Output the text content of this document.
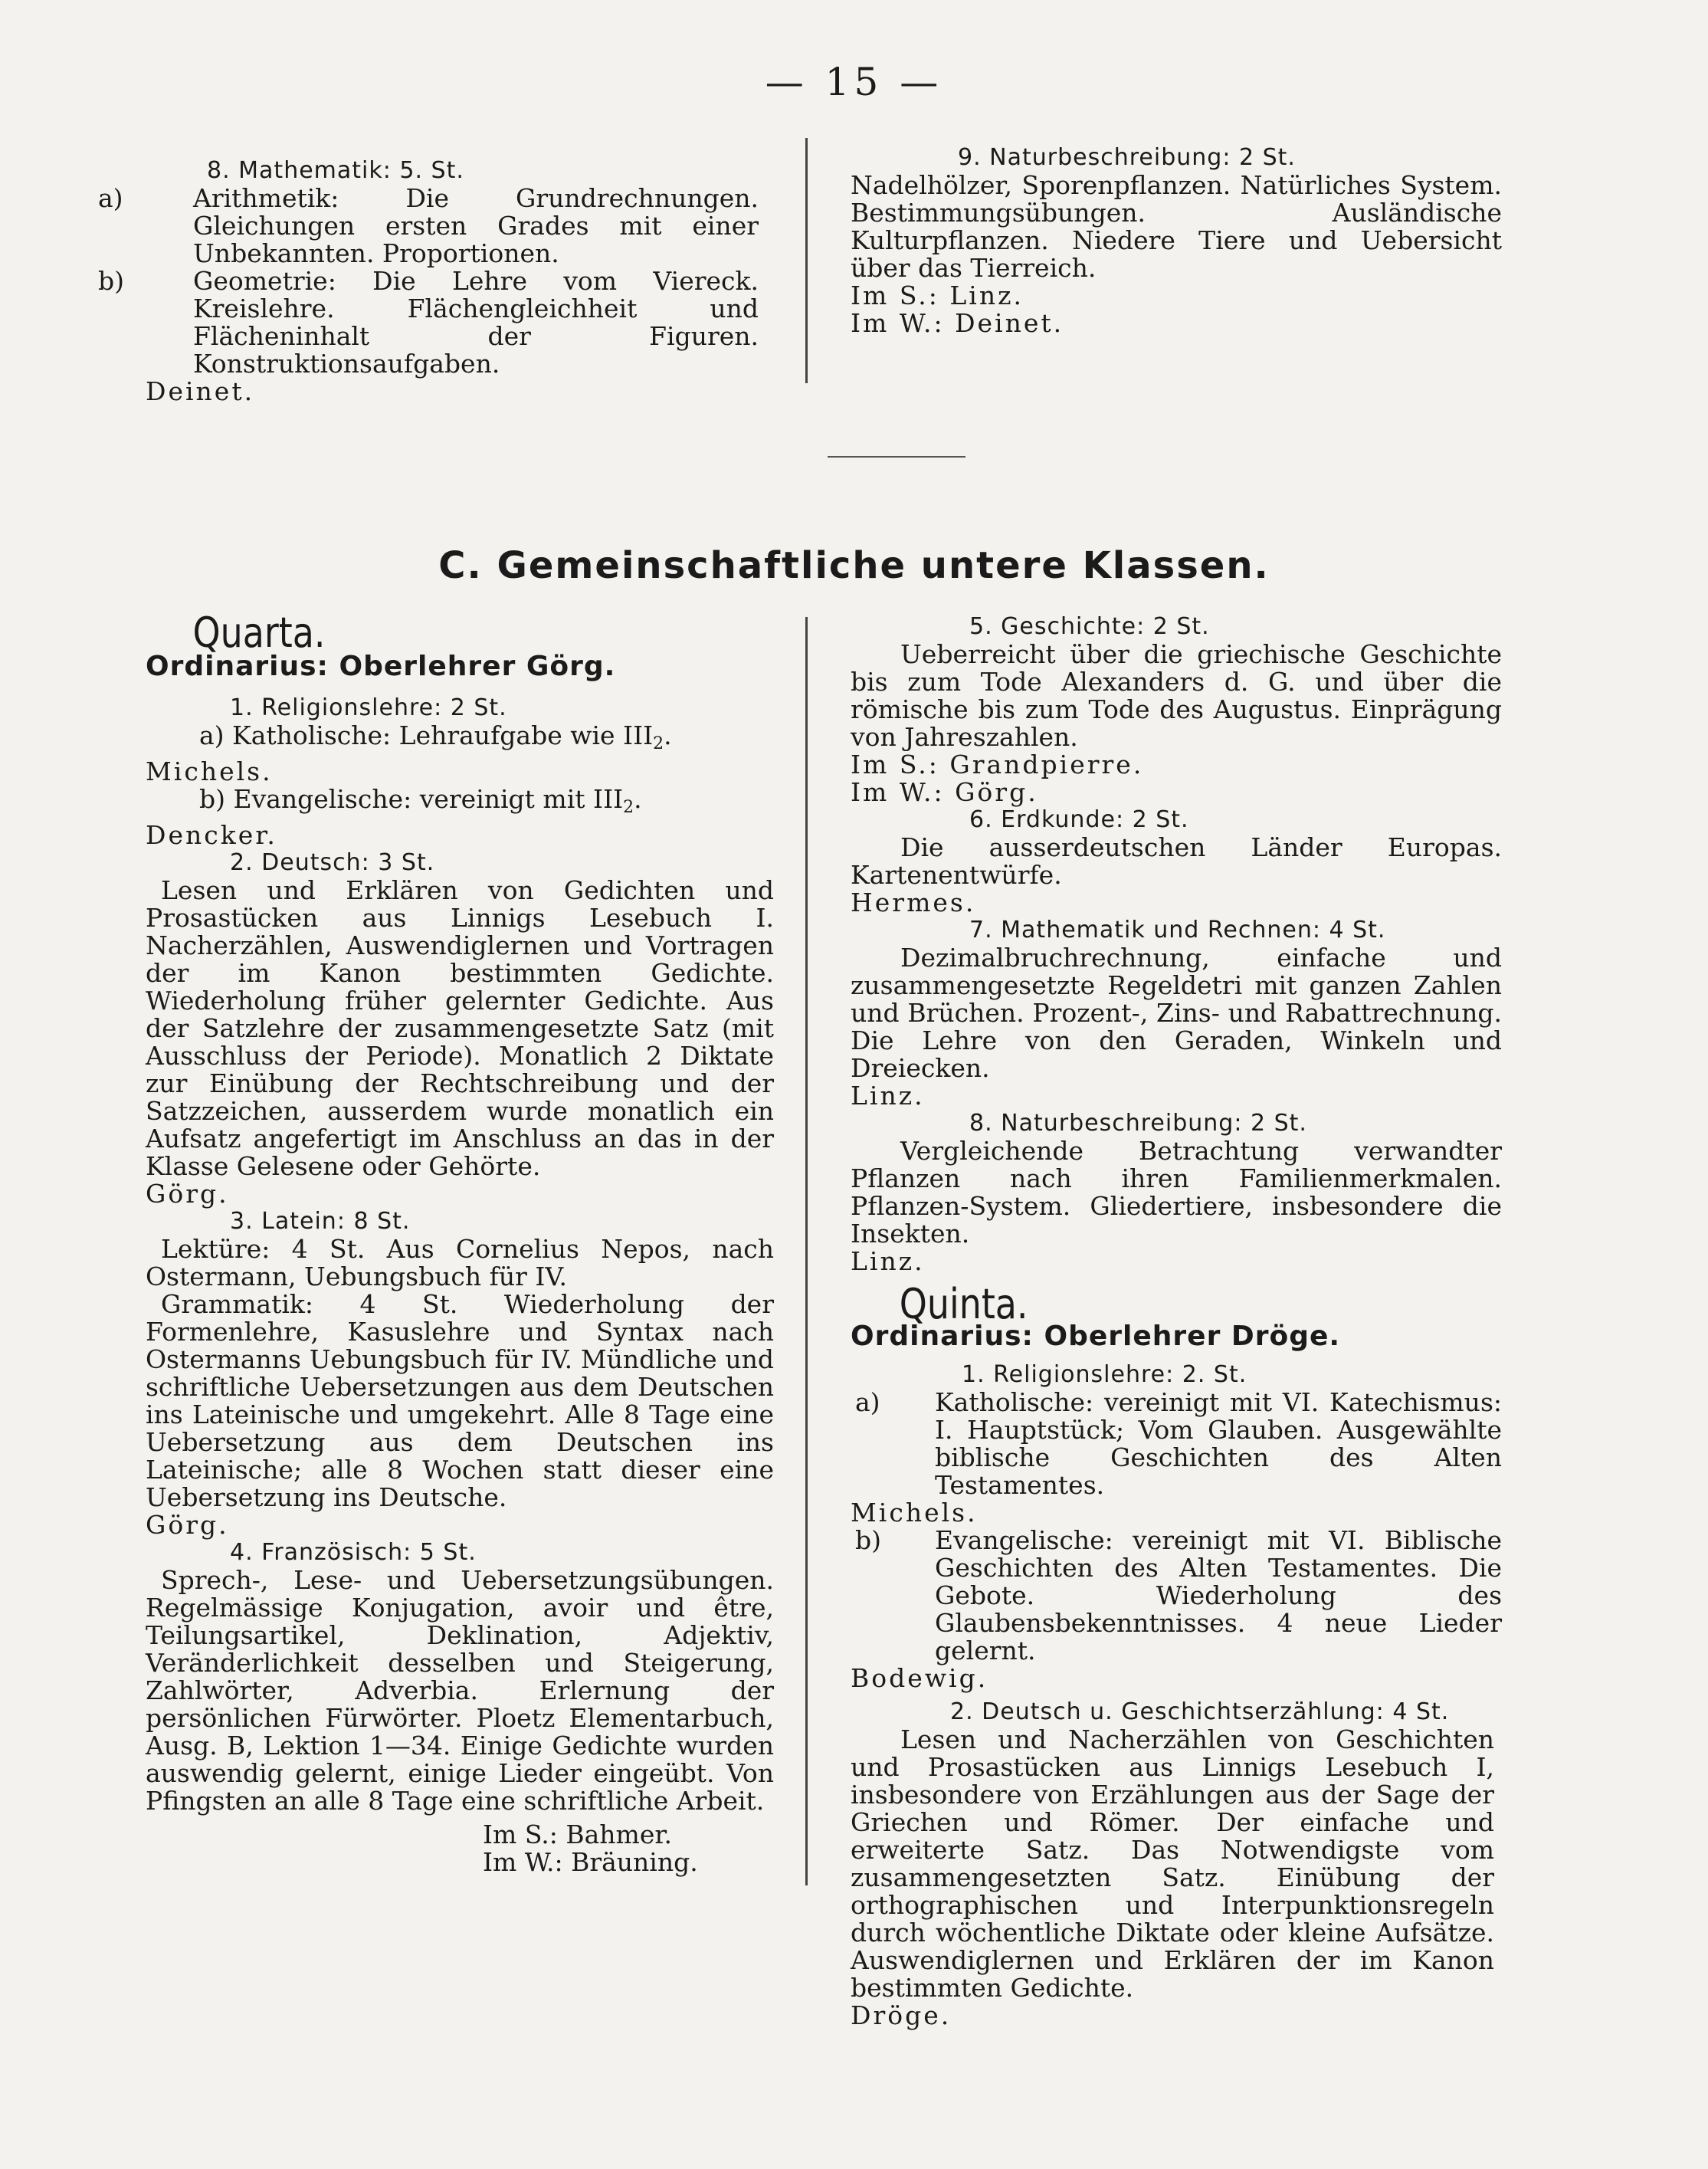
— 15 —

8. Mathematik: 5. St.

a)	Arithmetik: Die Grundrechnungen. Gleichungen ersten Grades mit einer Unbekannten. Proportionen.

b)	Geometrie: Die Lehre vom Viereck. Kreislehre. Flächengleichheit und Flächeninhalt der Figuren. Konstruktionsaufgaben.

Deinet.

9. Naturbeschreibung: 2 St.

Nadelhölzer, Sporenpflanzen. Natürliches System. Bestimmungsübungen. Ausländische Kulturpflanzen. Niedere Tiere und Uebersicht über das Tierreich.

Im S.: Linz.

Im W.: Deinet.

C. Gemeinschaftliche untere Klassen.

Quarta.

Ordinarius: Oberlehrer Görg.

1. Religionslehre: 2 St.

a) Katholische: Lehraufgabe wie $III_2$.

Michels.

b) Evangelische: vereinigt mit $III_2$.

Dencker.

2. Deutsch: 3 St.

Lesen und Erklären von Gedichten und Prosastücken aus Linnigs Lesebuch I. Nacherzählen, Auswendiglernen und Vortragen der im Kanon bestimmten Gedichte. Wiederholung früher gelernter Gedichte. Aus der Satzlehre der zusammengesetzte Satz (mit Ausschluss der Periode). Monatlich 2 Diktate zur Einübung der Rechtschreibung und der Satzzeichen, ausserdem wurde monatlich ein Aufsatz angefertigt im Anschluss an das in der Klasse Gelesene oder Gehörte.

Görg.

3. Latein: 8 St.

Lektüre: 4 St. Aus Cornelius Nepos, nach Ostermann, Uebungsbuch für IV.

Grammatik: 4 St. Wiederholung der Formenlehre, Kasuslehre und Syntax nach Ostermanns Uebungsbuch für IV. Mündliche und schriftliche Uebersetzungen aus dem Deutschen ins Lateinische und umgekehrt. Alle 8 Tage eine Uebersetzung aus dem Deutschen ins Lateinische; alle 8 Wochen statt dieser eine Uebersetzung ins Deutsche.

Görg.

4. Französisch: 5 St.

Sprech-, Lese- und Uebersetzungsübungen. Regelmässige Konjugation, avoir und être, Teilungsartikel, Deklination, Adjektiv, Veränderlichkeit desselben und Steigerung, Zahlwörter, Adverbia. Erlernung der persönlichen Fürwörter. Ploetz Elementarbuch, Ausg. B, Lektion 1—34. Einige Gedichte wurden auswendig gelernt, einige Lieder eingeübt. Von Pfingsten an alle 8 Tage eine schriftliche Arbeit.

Im S.: Bahmer.

Im W.: Bräuning.

5. Geschichte: 2 St.

Ueberreicht über die griechische Geschichte bis zum Tode Alexanders d. G. und über die römische bis zum Tode des Augustus. Einprägung von Jahreszahlen.

Im S.: Grandpierre.

Im W.: Görg.

6. Erdkunde: 2 St.

Die ausserdeutschen Länder Europas. Kartenentwürfe.

Hermes.

7. Mathematik und Rechnen: 4 St.

Dezimalbruchrechnung, einfache und zusammengesetzte Regeldetri mit ganzen Zahlen und Brüchen. Prozent-, Zins- und Rabattrechnung. Die Lehre von den Geraden, Winkeln und Dreiecken.

Linz.

8. Naturbeschreibung: 2 St.

Vergleichende Betrachtung verwandter Pflanzen nach ihren Familienmerkmalen. Pflanzen-System. Gliedertiere, insbesondere die Insekten.

Linz.

Quinta.

Ordinarius: Oberlehrer Dröge.

1. Religionslehre: 2. St.

a) Katholische: vereinigt mit VI. Katechismus: I. Hauptstück; Vom Glauben. Ausgewählte biblische Geschichten des Alten Testamentes.

Michels.

b) Evangelische: vereinigt mit VI. Biblische Geschichten des Alten Testamentes. Die Gebote. Wiederholung des Glaubensbekenntnisses. 4 neue Lieder gelernt.

Bodewig.

2. Deutsch u. Geschichtserzählung: 4 St.

Lesen und Nacherzählen von Geschichten und Prosastücken aus Linnigs Lesebuch I, insbesondere von Erzählungen aus der Sage der Griechen und Römer. Der einfache und erweiterte Satz. Das Notwendigste vom zusammengesetzten Satz. Einübung der orthographischen und Interpunktionsregeln durch wöchentliche Diktate oder kleine Aufsätze. Auswendiglernen und Erklären der im Kanon bestimmten Gedichte.

Dröge.
